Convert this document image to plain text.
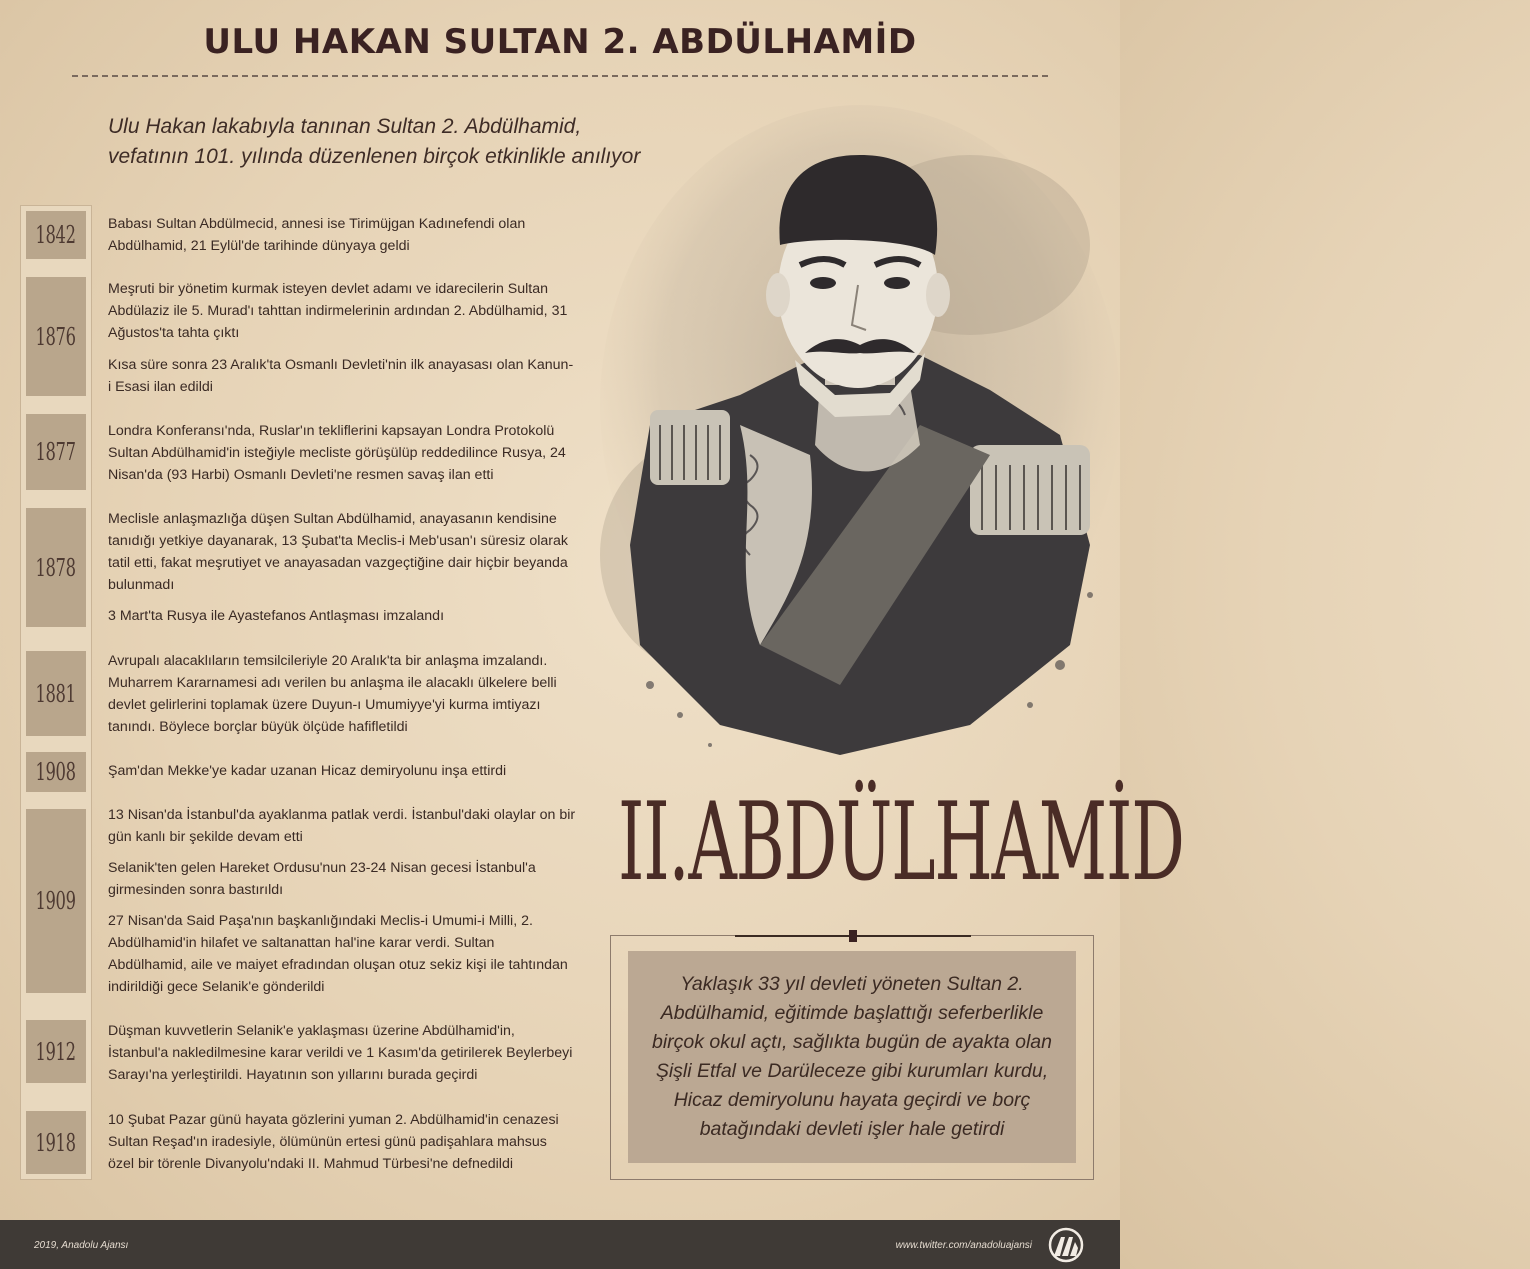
ULU HAKAN SULTAN 2. ABDÜLHAMİD
Ulu Hakan lakabıyla tanınan Sultan 2. Abdülhamid,
vefatının 101. yılında düzenlenen birçok etkinlikle anılıyor
1842
1876
1877
1878
1881
1908
1909
1912
1918
Babası Sultan Abdülmecid, annesi ise Tirimüjgan Kadınefendi olan Abdülhamid, 21 Eylül'de tarihinde dünyaya geldi
Meşruti bir yönetim kurmak isteyen devlet adamı ve idarecilerin Sultan Abdülaziz ile 5. Murad'ı tahttan indirmelerinin ardından 2. Abdülhamid, 31 Ağustos'ta tahta çıktı
Kısa süre sonra 23 Aralık'ta Osmanlı Devleti'nin ilk anayasası olan Kanun-i Esasi ilan edildi
Londra Konferansı'nda, Ruslar'ın tekliflerini kapsayan Londra Protokolü Sultan Abdülhamid'in isteğiyle mecliste görüşülüp reddedilince Rusya, 24 Nisan'da (93 Harbi) Osmanlı Devleti'ne resmen savaş ilan etti
Meclisle anlaşmazlığa düşen Sultan Abdülhamid, anayasanın kendisine tanıdığı yetkiye dayanarak, 13 Şubat'ta Meclis-i Meb'usan'ı süresiz olarak tatil etti, fakat meşrutiyet ve anayasadan vazgeçtiğine dair hiçbir beyanda bulunmadı
3 Mart'ta Rusya ile Ayastefanos Antlaşması imzalandı
Avrupalı alacaklıların temsilcileriyle 20 Aralık'ta bir anlaşma imzalandı. Muharrem Kararnamesi adı verilen bu anlaşma ile alacaklı ülkelere belli devlet gelirlerini toplamak üzere Duyun-ı Umumiyye'yi kurma imtiyazı tanındı. Böylece borçlar büyük ölçüde hafifletildi
Şam'dan Mekke'ye kadar uzanan Hicaz demiryolunu inşa ettirdi
13 Nisan'da İstanbul'da ayaklanma patlak verdi. İstanbul'daki olaylar on bir gün kanlı bir şekilde devam etti
Selanik'ten gelen Hareket Ordusu'nun 23-24 Nisan gecesi İstanbul'a girmesinden sonra bastırıldı
27 Nisan'da Said Paşa'nın başkanlığındaki Meclis-i Umumi-i Milli, 2. Abdülhamid'in hilafet ve saltanattan hal'ine karar verdi. Sultan Abdülhamid, aile ve maiyet efradından oluşan otuz sekiz kişi ile tahtından indirildiği gece Selanik'e gönderildi
Düşman kuvvetlerin Selanik'e yaklaşması üzerine Abdülhamid'in, İstanbul'a nakledilmesine karar verildi ve 1 Kasım'da getirilerek Beylerbeyi Sarayı'na yerleştirildi. Hayatının son yıllarını burada geçirdi
10 Şubat Pazar günü hayata gözlerini yuman 2. Abdülhamid'in cenazesi Sultan Reşad'ın iradesiyle, ölümünün ertesi günü padişahlara mahsus özel bir törenle Divanyolu'ndaki II. Mahmud Türbesi'ne defnedildi
II.ABDÜLHAMİD
Yaklaşık 33 yıl devleti yöneten Sultan 2. Abdülhamid, eğitimde başlattığı seferberlikle birçok okul açtı, sağlıkta bugün de ayakta olan Şişli Etfal ve Darüleceze gibi kurumları kurdu, Hicaz demiryolunu hayata geçirdi ve borç batağındaki devleti işler hale getirdi
2019, Anadolu Ajansı	www.twitter.com/anadoluajansi
